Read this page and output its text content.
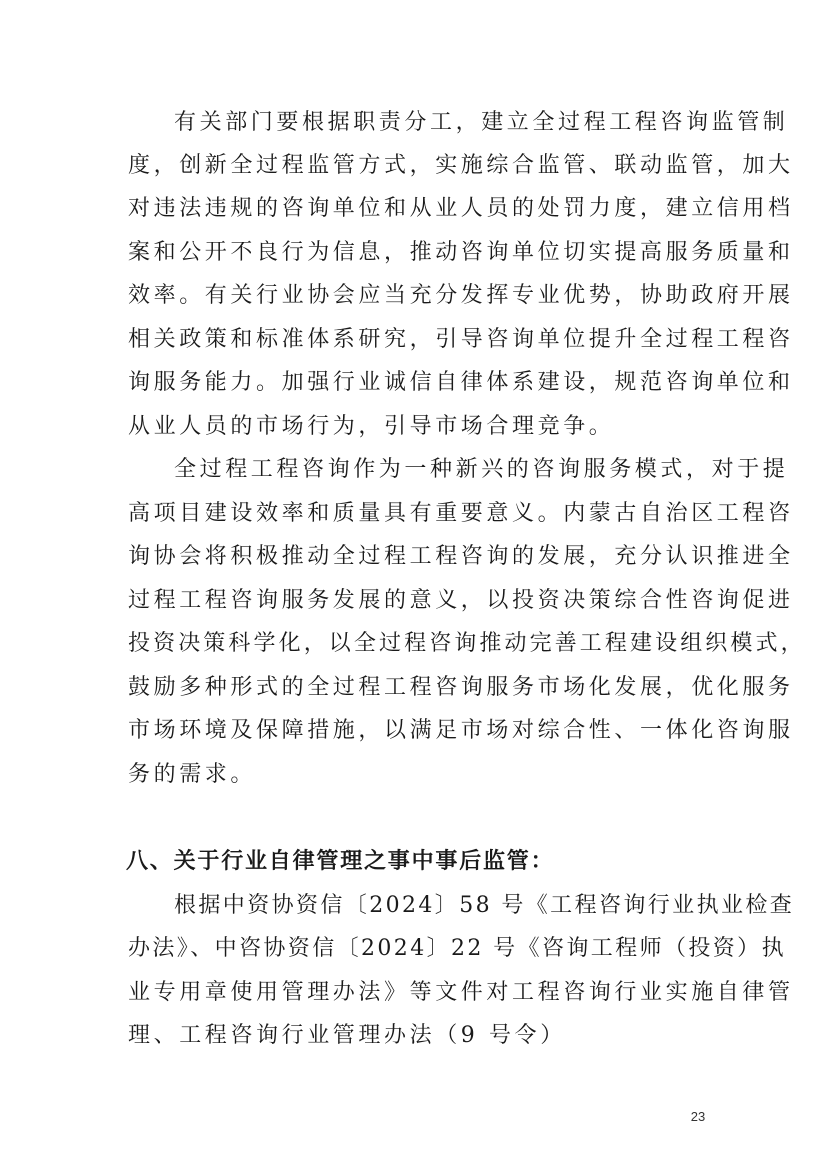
有关部门要根据职责分工，建立全过程工程咨询监管制

度，创新全过程监管方式，实施综合监管、联动监管，加大

对违法违规的咨询单位和从业人员的处罚力度，建立信用档

案和公开不良行为信息，推动咨询单位切实提高服务质量和

效率。有关行业协会应当充分发挥专业优势，协助政府开展

相关政策和标准体系研究，引导咨询单位提升全过程工程咨

询服务能力。加强行业诚信自律体系建设，规范咨询单位和

从业人员的市场行为，引导市场合理竞争。

全过程工程咨询作为一种新兴的咨询服务模式，对于提

高项目建设效率和质量具有重要意义。内蒙古自治区工程咨

询协会将积极推动全过程工程咨询的发展，充分认识推进全

过程工程咨询服务发展的意义，以投资决策综合性咨询促进

投资决策科学化，以全过程咨询推动完善工程建设组织模式，

鼓励多种形式的全过程工程咨询服务市场化发展，优化服务

市场环境及保障措施，以满足市场对综合性、一体化咨询服

务的需求。

八、关于行业自律管理之事中事后监管：

根据中资协资信〔2024〕58 号《工程咨询行业执业检查

办法》、中咨协资信〔2024〕22 号《咨询工程师（投资）执

业专用章使用管理办法》等文件对工程咨询行业实施自律管

理、工程咨询行业管理办法（9 号令）

23
